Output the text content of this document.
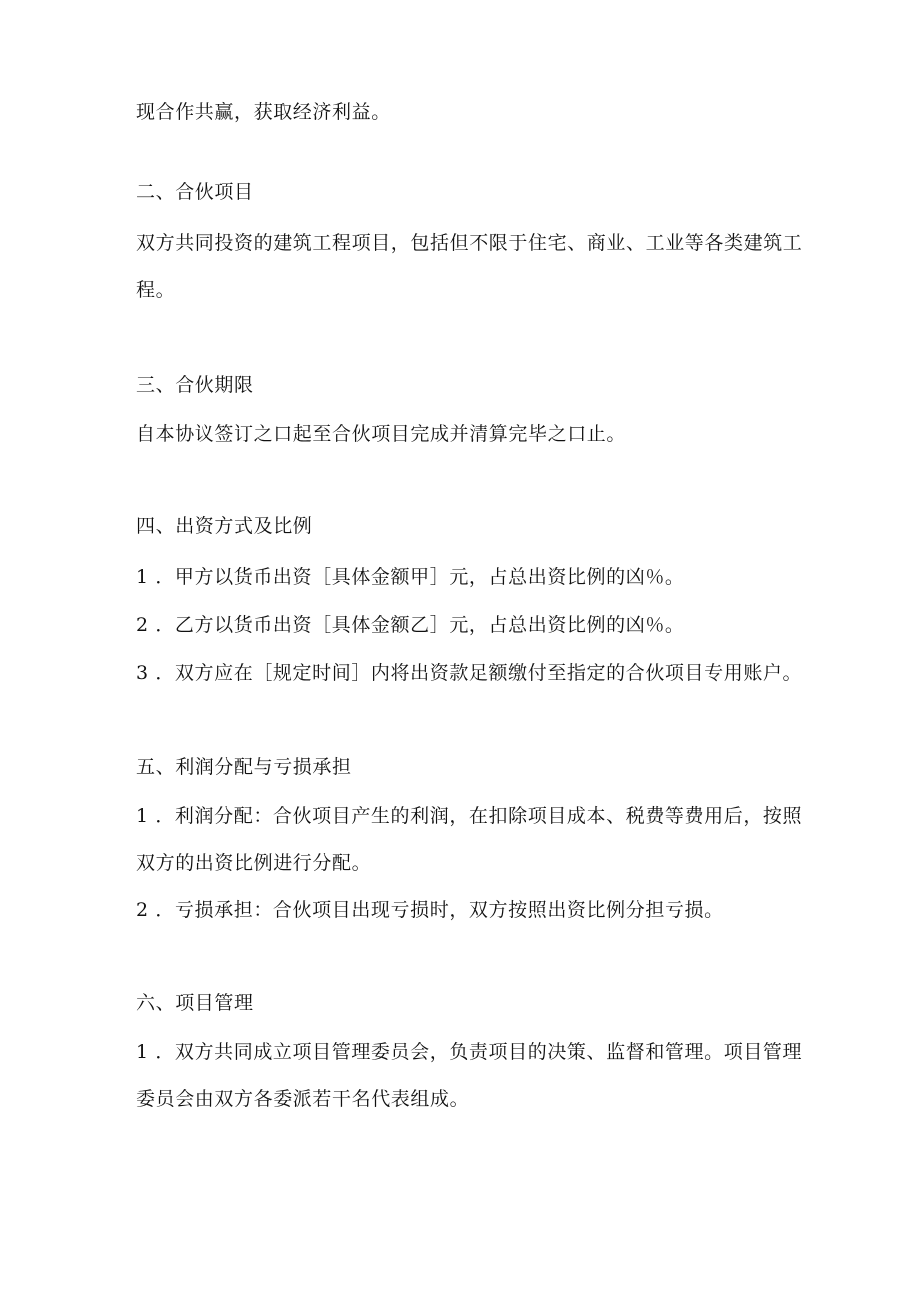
现合作共赢，获取经济利益。
二、合伙项目
双方共同投资的建筑工程项目，包括但不限于住宅、商业、工业等各类建筑工
程。
三、合伙期限
自本协议签订之口起至合伙项目完成并清算完毕之口止。
四、出资方式及比例
1 ．甲方以货币出资［具体金额甲］元，占总出资比例的凶％。
2 ．乙方以货币出资［具体金额乙］元，占总出资比例的凶％。
3 ．双方应在［规定时间］内将出资款足额缴付至指定的合伙项目专用账户。
五、利润分配与亏损承担
1 ．利润分配：合伙项目产生的利润，在扣除项目成本、税费等费用后，按照
双方的出资比例进行分配。
2 ．亏损承担：合伙项目出现亏损时，双方按照出资比例分担亏损。
六、项目管理
1 ．双方共同成立项目管理委员会，负责项目的决策、监督和管理。项目管理
委员会由双方各委派若干名代表组成。
